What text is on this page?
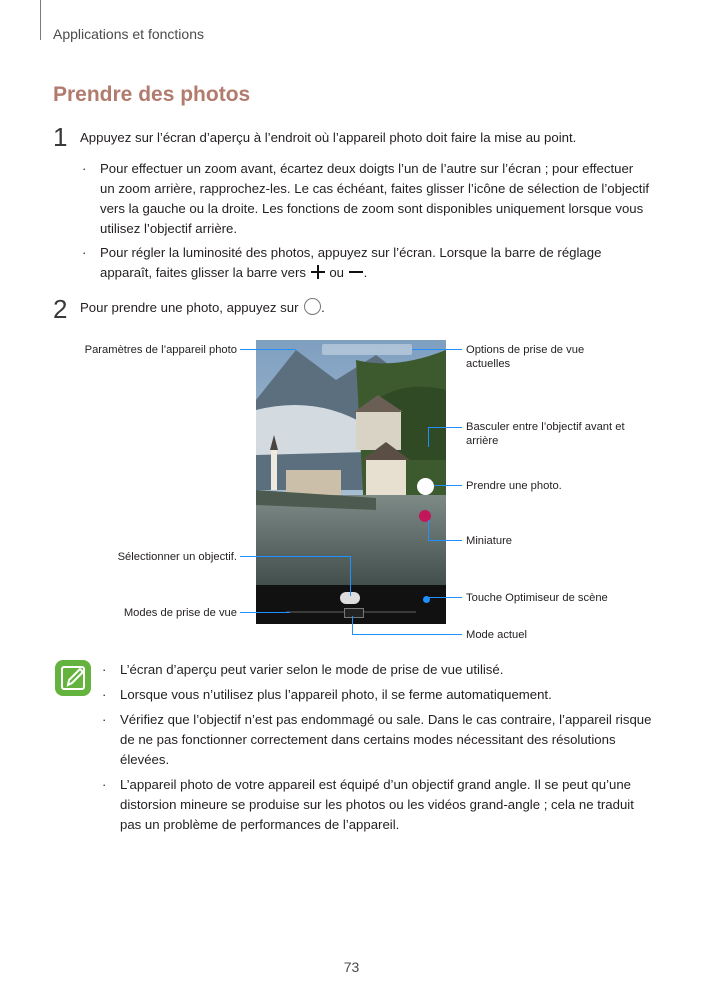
Applications et fonctions
Prendre des photos
1 Appuyez sur l’écran d’aperçu à l’endroit où l’appareil photo doit faire la mise au point.
· Pour effectuer un zoom avant, écartez deux doigts l’un de l’autre sur l’écran ; pour effectuer
un zoom arrière, rapprochez-les. Le cas échéant, faites glisser l’icône de sélection de l’objectif
vers la gauche ou la droite. Les fonctions de zoom sont disponibles uniquement lorsque vous
utilisez l’objectif arrière.
· Pour régler la luminosité des photos, appuyez sur l’écran. Lorsque la barre de réglage
apparaît, faites glisser la barre vers ou .
2 Pour prendre une photo, appuyez sur .
Paramètres de l’appareil photo
Sélectionner un objectif.
Modes de prise de vue
Options de prise de vue
actuelles
Basculer entre l’objectif avant et
arrière
Prendre une photo.
Miniature
Touche Optimiseur de scène
Mode actuel
· L’écran d’aperçu peut varier selon le mode de prise de vue utilisé.
· Lorsque vous n’utilisez plus l’appareil photo, il se ferme automatiquement.
· Vérifiez que l’objectif n’est pas endommagé ou sale. Dans le cas contraire, l’appareil risque
de ne pas fonctionner correctement dans certains modes nécessitant des résolutions
élevées.
· L’appareil photo de votre appareil est équipé d’un objectif grand angle. Il se peut qu’une
distorsion mineure se produise sur les photos ou les vidéos grand-angle ; cela ne traduit
pas un problème de performances de l’appareil.
73
